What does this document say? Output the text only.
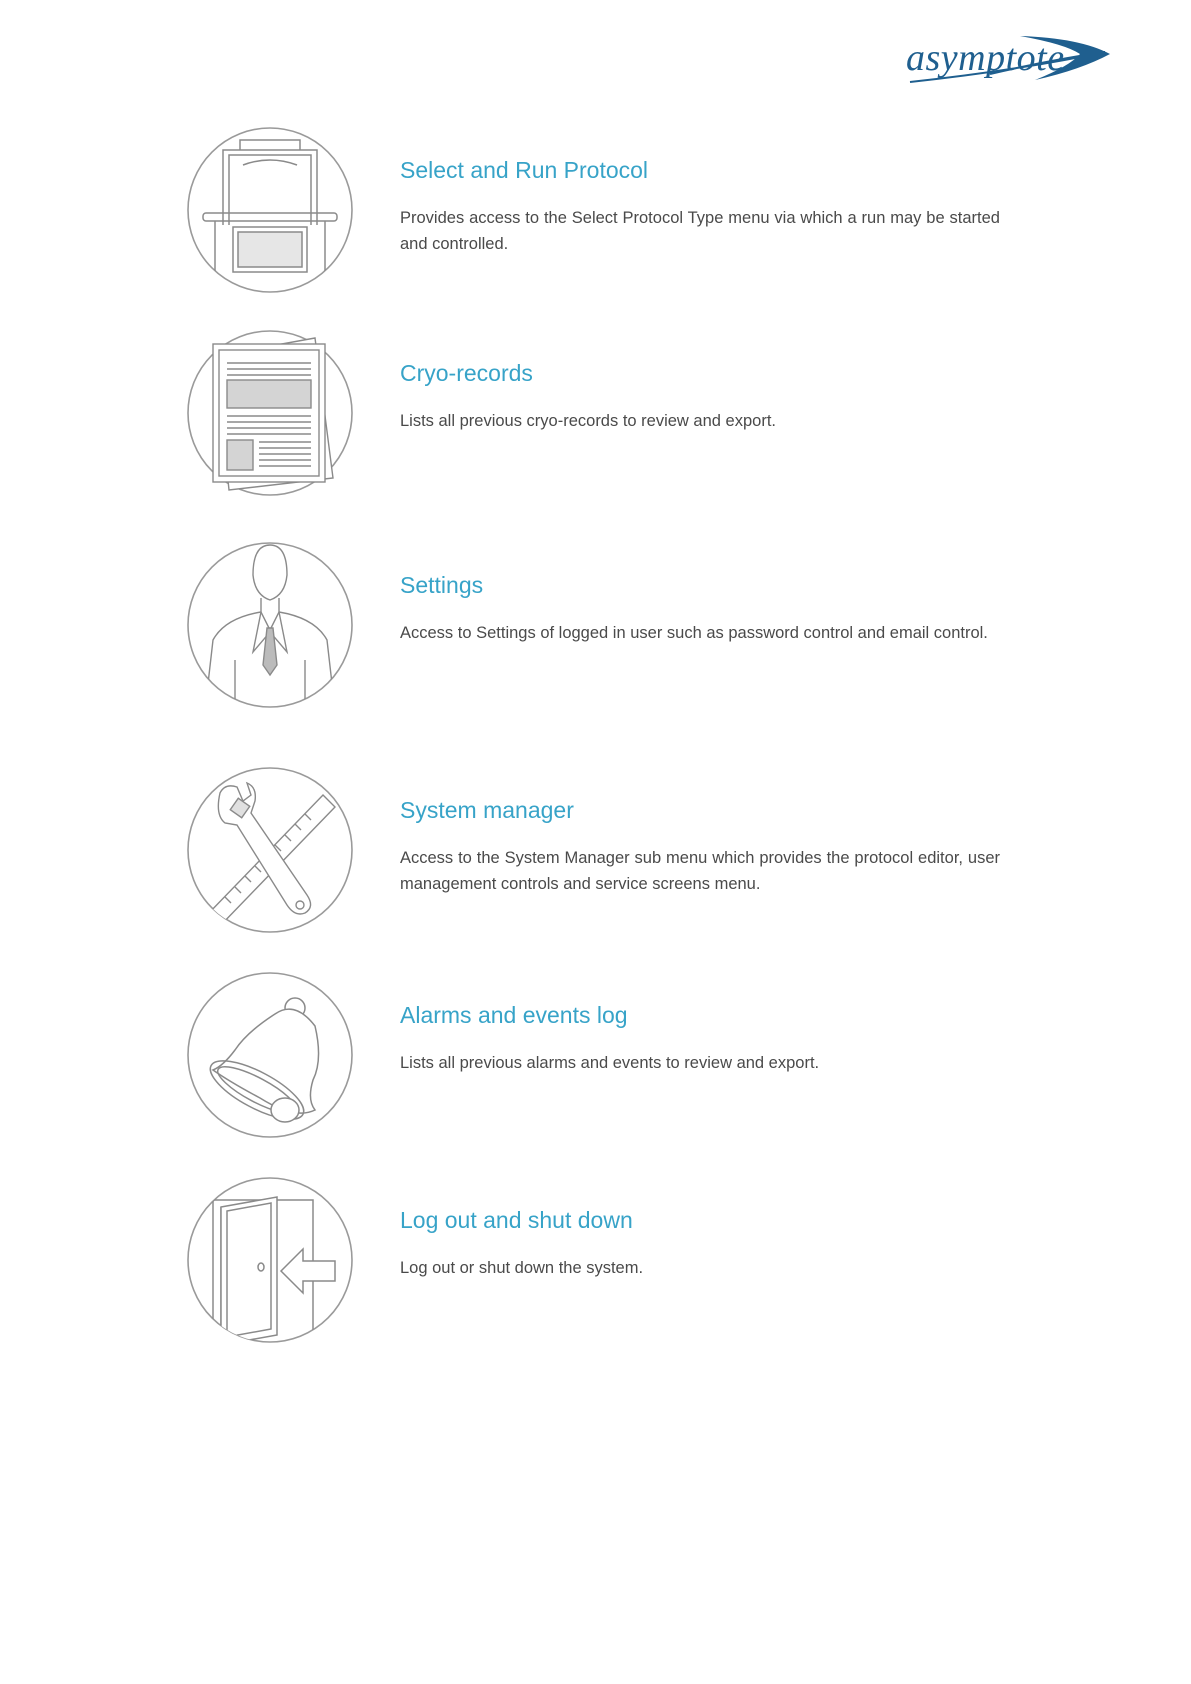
asymptote
Select and Run Protocol
Provides access to the Select Protocol Type menu via which a run may be started and controlled.
Cryo-records
Lists all previous cryo-records to review and export.
Settings
Access to Settings of logged in user such as password control and email control.
System manager
Access to the System Manager sub menu which provides the protocol editor, user management controls and service screens menu.
Alarms and events log
Lists all previous alarms and events to review and export.
Log out and shut down
Log out or shut down the system.
